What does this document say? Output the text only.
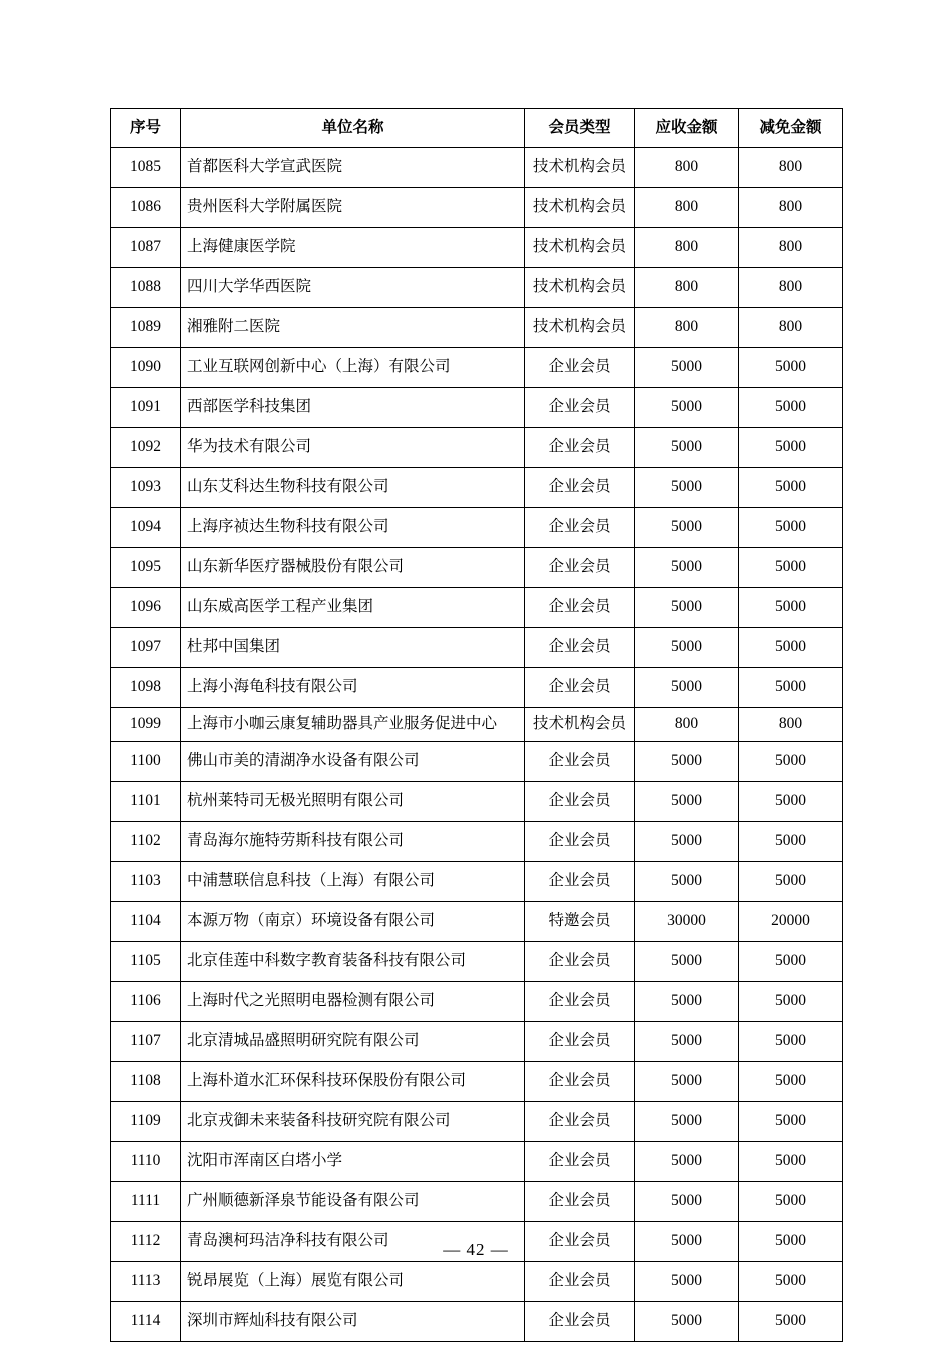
序号	单位名称	会员类型	应收金额	减免金额
1085	首都医科大学宣武医院	技术机构会员	800	800
1086	贵州医科大学附属医院	技术机构会员	800	800
1087	上海健康医学院	技术机构会员	800	800
1088	四川大学华西医院	技术机构会员	800	800
1089	湘雅附二医院	技术机构会员	800	800
1090	工业互联网创新中心（上海）有限公司	企业会员	5000	5000
1091	西部医学科技集团	企业会员	5000	5000
1092	华为技术有限公司	企业会员	5000	5000
1093	山东艾科达生物科技有限公司	企业会员	5000	5000
1094	上海序祯达生物科技有限公司	企业会员	5000	5000
1095	山东新华医疗器械股份有限公司	企业会员	5000	5000
1096	山东威高医学工程产业集团	企业会员	5000	5000
1097	杜邦中国集团	企业会员	5000	5000
1098	上海小海龟科技有限公司	企业会员	5000	5000
1099	上海市小咖云康复辅助器具产业服务促进中心	技术机构会员	800	800
1100	佛山市美的清湖净水设备有限公司	企业会员	5000	5000
1101	杭州莱特司无极光照明有限公司	企业会员	5000	5000
1102	青岛海尔施特劳斯科技有限公司	企业会员	5000	5000
1103	中浦慧联信息科技（上海）有限公司	企业会员	5000	5000
1104	本源万物（南京）环境设备有限公司	特邀会员	30000	20000
1105	北京佳莲中科数字教育装备科技有限公司	企业会员	5000	5000
1106	上海时代之光照明电器检测有限公司	企业会员	5000	5000
1107	北京清城品盛照明研究院有限公司	企业会员	5000	5000
1108	上海朴道水汇环保科技环保股份有限公司	企业会员	5000	5000
1109	北京戎御未来装备科技研究院有限公司	企业会员	5000	5000
1110	沈阳市浑南区白塔小学	企业会员	5000	5000
1111	广州顺德新泽泉节能设备有限公司	企业会员	5000	5000
1112	青岛澳柯玛洁净科技有限公司	企业会员	5000	5000
1113	锐昂展览（上海）展览有限公司	企业会员	5000	5000
1114	深圳市辉灿科技有限公司	企业会员	5000	5000
— 42 —
